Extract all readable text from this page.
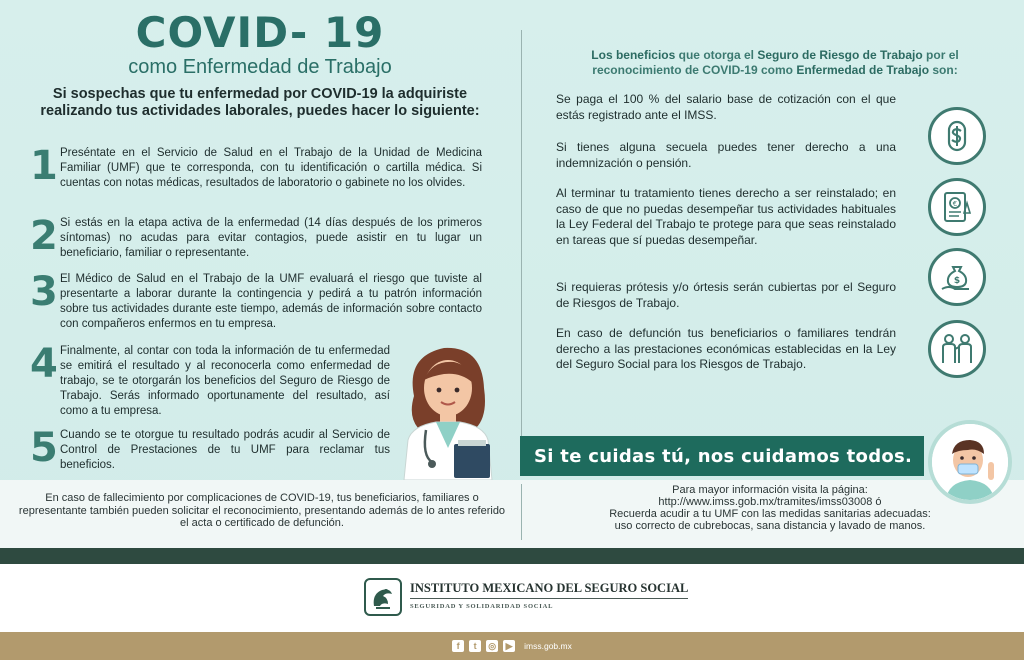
COVID- 19
como Enfermedad de Trabajo
Si sospechas que tu enfermedad por COVID-19 la adquiriste realizando tus actividades laborales, puedes hacer lo siguiente:
1 Preséntate en el Servicio de Salud en el Trabajo de la Unidad de Medicina Familiar (UMF) que te corresponda, con tu identificación o cartilla médica. Si cuentas con notas médicas, resultados de laboratorio o gabinete no los olvides.
2 Si estás en la etapa activa de la enfermedad (14 días después de los primeros síntomas) no acudas para evitar contagios, puede asistir en tu lugar un beneficiario, familiar o representante.
3 El Médico de Salud en el Trabajo de la UMF evaluará el riesgo que tuviste al presentarte a laborar durante la contingencia y pedirá a tu patrón información sobre tus actividades durante este tiempo, además de información sobre contacto con compañeros enfermos en tu empresa.
4 Finalmente, al contar con toda la información de tu enfermedad se emitirá el resultado y al reconocerla como enfermedad de trabajo, se te otorgarán los beneficios del Seguro de Riesgo de Trabajo. Serás informado oportunamente del resultado, así como a tu empresa.
5 Cuando se te otorgue tu resultado podrás acudir al Servicio de Control de Prestaciones de tu UMF para reclamar tus beneficios.
En caso de fallecimiento por complicaciones de COVID-19, tus beneficiarios, familiares o representante también pueden solicitar el reconocimiento, presentando además de lo antes referido el acta o certificado de defunción.
Los beneficios que otorga el Seguro de Riesgo de Trabajo por el reconocimiento de COVID-19 como Enfermedad de Trabajo son:
Se paga el 100 % del salario base de cotización con el que estás registrado ante el IMSS.
Si tienes alguna secuela puedes tener derecho a una indemnización o pensión.
Al terminar tu tratamiento tienes derecho a ser reinstalado; en caso de que no puedas desempeñar tus actividades habituales la Ley Federal del Trabajo te protege para que seas reinstalado en tareas que sí puedas desempeñar.
Si requieras prótesis y/o órtesis serán cubiertas por el Seguro de Riesgos de Trabajo.
En caso de defunción tus beneficiarios o familiares tendrán derecho a las prestaciones económicas establecidas en la Ley del Seguro Social para los Riesgos de Trabajo.
€
$
Si te cuidas tú, nos cuidamos todos.
Para mayor información visita la página:
http://www.imss.gob.mx/tramites/imss03008 ó
Recuerda acudir a tu UMF con las medidas sanitarias adecuadas:
uso correcto de cubrebocas, sana distancia y lavado de manos.
INSTITUTO MEXICANO DEL SEGURO SOCIAL
SEGURIDAD Y SOLIDARIDAD SOCIAL
f	t	◎ ▶ imss.gob.mx
